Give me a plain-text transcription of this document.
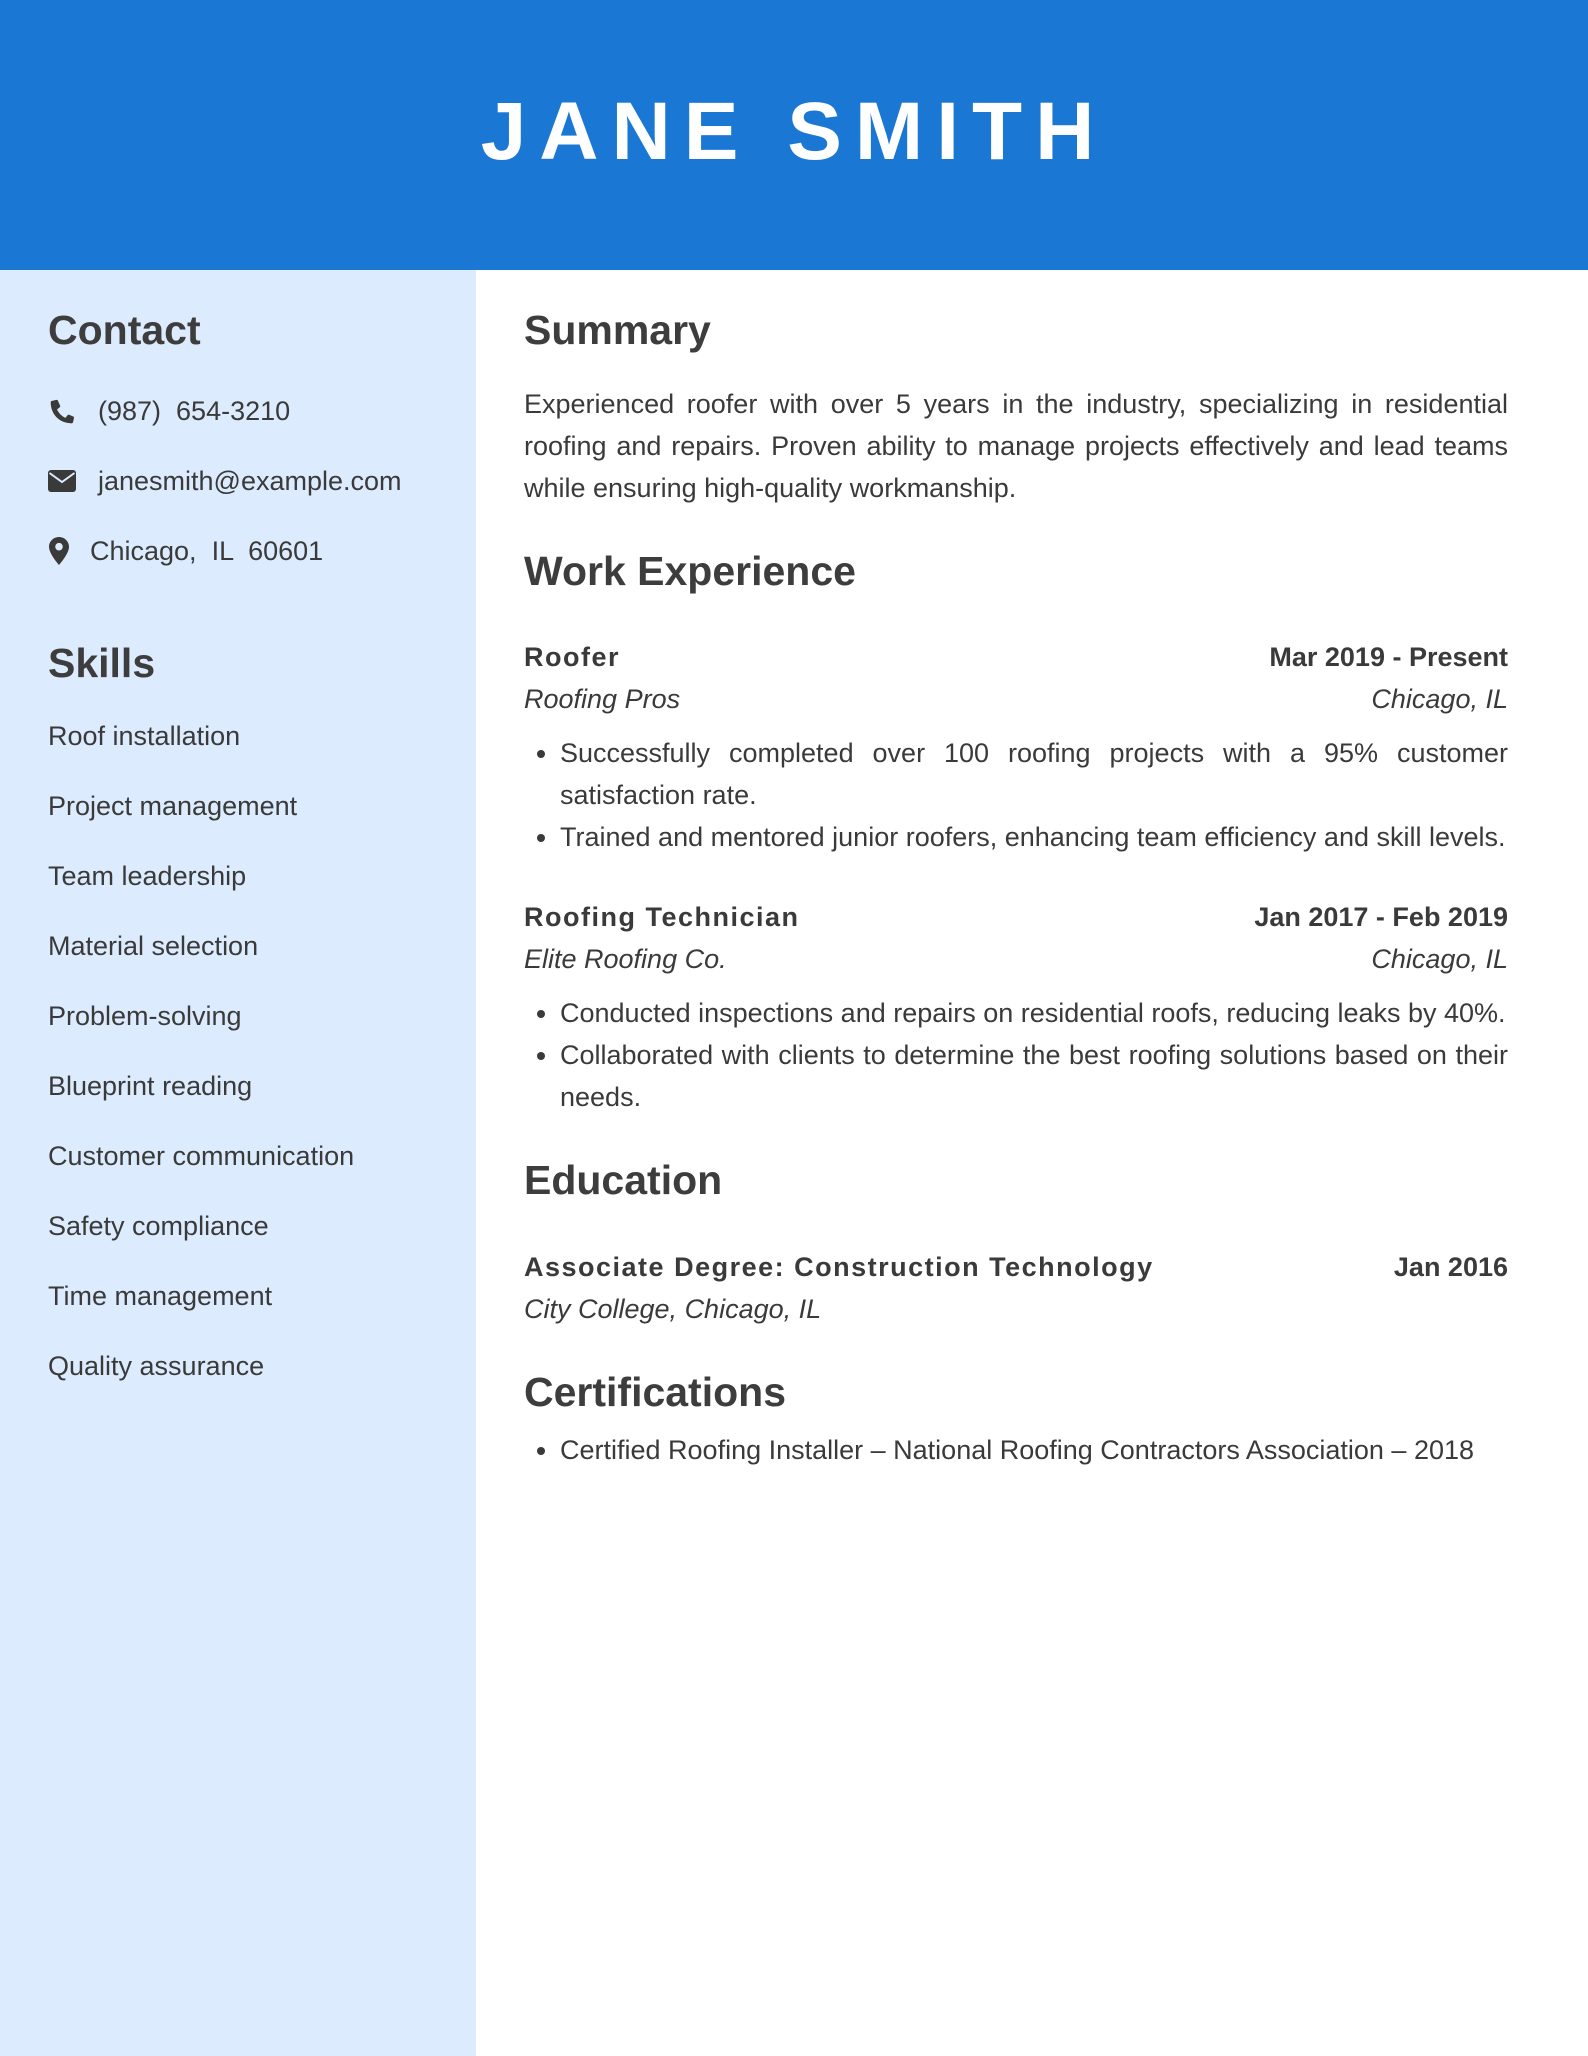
JANE SMITH
Contact
(987)  654-3210
janesmith@example.com
Chicago,  IL  60601
Skills
Roof installation
Project management
Team leadership
Material selection
Problem-solving
Blueprint reading
Customer communication
Safety compliance
Time management
Quality assurance
Summary
Experienced roofer with over 5 years in the industry, specializing in residential roofing and repairs. Proven ability to manage projects effectively and lead teams while ensuring high-quality workmanship.
Work Experience
Roofer	Mar 2019 - Present
Roofing Pros	Chicago, IL
• Successfully completed over 100 roofing projects with a 95% customer satisfaction rate.
• Trained and mentored junior roofers, enhancing team efficiency and skill levels.
Roofing Technician	Jan 2017 - Feb 2019
Elite Roofing Co.	Chicago, IL
• Conducted inspections and repairs on residential roofs, reducing leaks by 40%.
• Collaborated with clients to determine the best roofing solutions based on their needs.
Education
Associate Degree: Construction Technology	Jan 2016
City College, Chicago, IL
Certifications
• Certified Roofing Installer – National Roofing Contractors Association – 2018
